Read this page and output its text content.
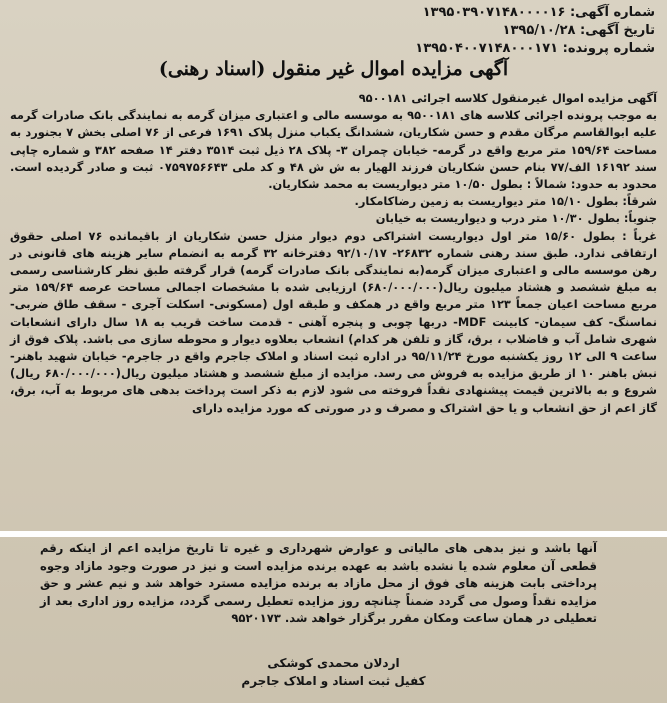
شماره آگهی: ۱۳۹۵۰۳۹۰۷۱۴۸۰۰۰۰۱۶
تاریخ آگهی: ۱۳۹۵/۱۰/۲۸
شماره پرونده: ۱۳۹۵۰۴۰۰۷۱۴۸۰۰۰۱۷۱
آگهی مزایده اموال غیر منقول (اسناد رهنی)

آگهی مزایده اموال غیرمنقول کلاسه اجرائی ۹۵۰۰۱۸۱

به موجب پرونده اجرائی کلاسه های ۹۵۰۰۱۸۱ به موسسه مالی و اعتباری میزان گرمه به نمایندگی بانک صادرات گرمه علیه ابوالقاسم مرگان مقدم و حسن شکاریان، ششدانگ یکباب منزل پلاک ۱۶۹۱ فرعی از ۷۶ اصلی بخش ۷ بجنورد به مساحت ۱۵۹/۶۴ متر مربع واقع در گرمه- خیابان چمران ۳- پلاک ۲۸ ذیل ثبت ۳۵۱۴ دفتر ۱۴ صفحه ۳۸۲ و شماره چاپی سند ۱۶۱۹۲ الف/۷۷ بنام حسن شکاریان فرزند الهیار به ش ش ۴۸ و کد ملی ۰۷۵۹۷۵۶۶۴۳ ثبت و صادر گردیده است. محدود به حدود: شمالاً : بطول ۱۰/۵۰ متر دیواریست به محمد شکاریان.

شرقاً: بطول ۱۵/۱۰ متر دیواریست به زمین رضاکامکار.

جنوباً: بطول ۱۰/۳۰ متر درب و دیواریست به خیابان

غرباً : بطول ۱۵/۶۰ متر اول دیواریست اشتراکی دوم دیوار منزل حسن شکاریان از باقیمانده ۷۶ اصلی حقوق ارتفاقی ندارد. طبق سند رهنی شماره ۲۶۸۳۲- ۹۲/۱۰/۱۷ دفترخانه ۳۲ گرمه به انضمام سایر هزینه های قانونی در رهن موسسه مالی و اعتباری میزان گرمه(به نمایندگی بانک صادرات گرمه) قرار گرفته طبق نظر کارشناسی رسمی به مبلغ ششصد و هشتاد میلیون ریال(۶۸۰/۰۰۰/۰۰۰) ارزیابی شده با مشخصات اجمالی مساحت عرصه ۱۵۹/۶۴ متر مربع مساحت اعیان جمعاً ۱۲۳ متر مربع واقع در همکف و طبقه اول (مسکونی- اسکلت آجری - سقف طاق ضربی- نماسنگ- کف سیمان- کابینت MDF- دربها چوبی و پنجره آهنی - قدمت ساخت قریب به ۱۸ سال دارای انشعابات شهری شامل آب و فاضلاب ، برق، گاز و تلفن هر کدام) انشعاب بعلاوه دیوار و محوطه سازی می باشد. پلاک فوق از ساعت ۹ الی ۱۲ روز یکشنبه مورخ ۹۵/۱۱/۲۴ در اداره ثبت اسناد و املاک جاجرم واقع در جاجرم- خیابان شهید باهنر- نبش باهنر ۱۰ از طریق مزایده به فروش می رسد. مزایده از مبلغ ششصد و هشتاد میلیون ریال(۶۸۰/۰۰۰/۰۰۰ ریال) شروع و به بالاترین قیمت پیشنهادی نقداً فروخته می شود لازم به ذکر است پرداخت بدهی های مربوط به آب، برق، گاز اعم از حق انشعاب و یا حق اشتراک و مصرف و در صورتی که مورد مزایده دارای

آنها باشد و نیز بدهی های مالیاتی و عوارض شهرداری و غیره تا تاریخ مزایده اعم از اینکه رقم قطعی آن معلوم شده یا نشده باشد به عهده برنده مزایده است و نیز در صورت وجود مازاد وجوه پرداختی بابت هزینه های فوق از محل مازاد به برنده مزایده مسترد خواهد شد و نیم عشر و حق مزایده نقداً وصول می گردد ضمناً چنانچه روز مزایده تعطیل رسمی گردد، مزایده روز اداری بعد از تعطیلی در همان ساعت ومکان مقرر برگزار خواهد شد. ۹۵۲۰۱۷۳

اردلان محمدی کوشکی
کفیل ثبت اسناد و املاک جاجرم
